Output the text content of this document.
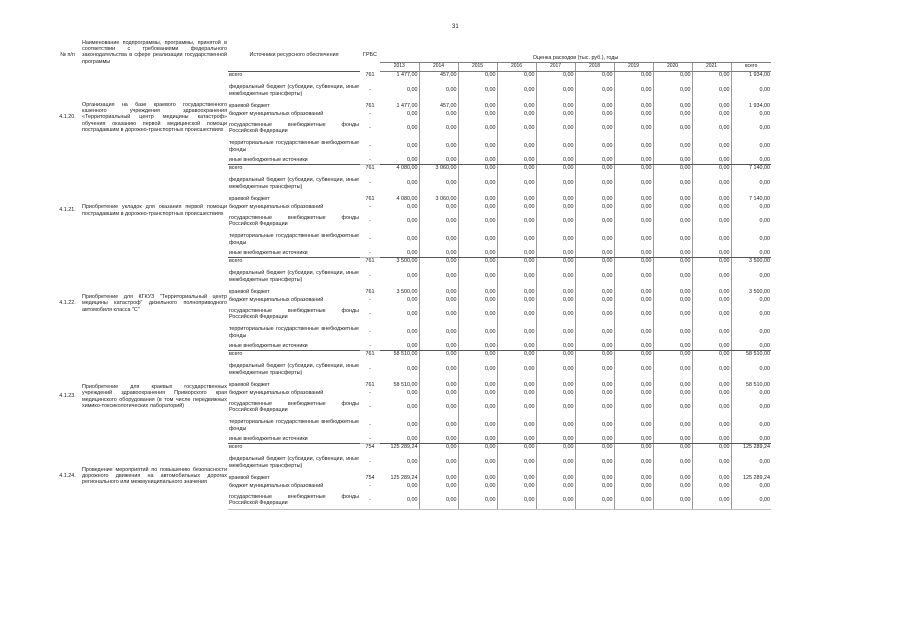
31
№ п/п	Наименование подпрограммы, программы, принятой в соответствии с требованиями федерального законодательства в сфере реализации государственной программы	Источники ресурсного обеспечения	ГРБС	Оценка расходов (тыс. руб.), годы									
				2013	2014	2015	2016	2017	2018	2019	2020	2021	всего
4.1.20.	Организация на базе краевого государственного казенного учреждения здравоохранения «Территориальный центр медицины катастроф» обучения оказанию первой медицинской помощи пострадавшим в дорожно-транспортных происшествиях	всего	761	1 477,00	457,00	0,00	0,00	0,00	0,00	0,00	0,00	0,00	1 934,00
		федеральный бюджет (субсидии, субвенции, иные межбюджетные трансферты)	-	0,00	0,00	0,00	0,00	0,00	0,00	0,00	0,00	0,00	0,00
		краевой бюджет	761	1 477,00	457,00	0,00	0,00	0,00	0,00	0,00	0,00	0,00	1 934,00
		бюджет муниципальных образований	-	0,00	0,00	0,00	0,00	0,00	0,00	0,00	0,00	0,00	0,00
		государственные внебюджетные фонды Российской Федерации	-	0,00	0,00	0,00	0,00	0,00	0,00	0,00	0,00	0,00	0,00
		территориальные государственные внебюджетные фонды	-	0,00	0,00	0,00	0,00	0,00	0,00	0,00	0,00	0,00	0,00
		иные внебюджетные источники	-	0,00	0,00	0,00	0,00	0,00	0,00	0,00	0,00	0,00	0,00
4.1.21.	Приобретение укладок для оказания первой помощи пострадавшим в дорожно-транспортных происшествиях	всего	761	4 080,00	3 060,00	0,00	0,00	0,00	0,00	0,00	0,00	0,00	7 140,00
		федеральный бюджет (субсидии, субвенции, иные межбюджетные трансферты)	-	0,00	0,00	0,00	0,00	0,00	0,00	0,00	0,00	0,00	0,00
		краевой бюджет	761	4 080,00	3 060,00	0,00	0,00	0,00	0,00	0,00	0,00	0,00	7 140,00
		бюджет муниципальных образований	-	0,00	0,00	0,00	0,00	0,00	0,00	0,00	0,00	0,00	0,00
		государственные внебюджетные фонды Российской Федерации	-	0,00	0,00	0,00	0,00	0,00	0,00	0,00	0,00	0,00	0,00
		территориальные государственные внебюджетные фонды	-	0,00	0,00	0,00	0,00	0,00	0,00	0,00	0,00	0,00	0,00
		иные внебюджетные источники	-	0,00	0,00	0,00	0,00	0,00	0,00	0,00	0,00	0,00	0,00
4.1.22.	Приобретение для КГКУЗ "Территориальный центр медицины катастроф" дизельного полноприводного автомобиля класса "С"	всего	761	3 500,00	0,00	0,00	0,00	0,00	0,00	0,00	0,00	0,00	3 500,00
		федеральный бюджет (субсидии, субвенции, иные межбюджетные трансферты)	-	0,00	0,00	0,00	0,00	0,00	0,00	0,00	0,00	0,00	0,00
		краевой бюджет	761	3 500,00	0,00	0,00	0,00	0,00	0,00	0,00	0,00	0,00	3 500,00
		бюджет муниципальных образований	-	0,00	0,00	0,00	0,00	0,00	0,00	0,00	0,00	0,00	0,00
		государственные внебюджетные фонды Российской Федерации	-	0,00	0,00	0,00	0,00	0,00	0,00	0,00	0,00	0,00	0,00
		территориальные государственные внебюджетные фонды	-	0,00	0,00	0,00	0,00	0,00	0,00	0,00	0,00	0,00	0,00
		иные внебюджетные источники	-	0,00	0,00	0,00	0,00	0,00	0,00	0,00	0,00	0,00	0,00
4.1.23.	Приобретение для краевых государственных учреждений здравоохранения Приморского края медицинского оборудования (в том числе передвижных химико-токсикологических лабораторий)	всего	761	58 510,00	0,00	0,00	0,00	0,00	0,00	0,00	0,00	0,00	58 510,00
		федеральный бюджет (субсидии, субвенции, иные межбюджетные трансферты)	-	0,00	0,00	0,00	0,00	0,00	0,00	0,00	0,00	0,00	0,00
		краевой бюджет	761	58 510,00	0,00	0,00	0,00	0,00	0,00	0,00	0,00	0,00	58 510,00
		бюджет муниципальных образований	-	0,00	0,00	0,00	0,00	0,00	0,00	0,00	0,00	0,00	0,00
		государственные внебюджетные фонды Российской Федерации	-	0,00	0,00	0,00	0,00	0,00	0,00	0,00	0,00	0,00	0,00
		территориальные государственные внебюджетные фонды	-	0,00	0,00	0,00	0,00	0,00	0,00	0,00	0,00	0,00	0,00
		иные внебюджетные источники	-	0,00	0,00	0,00	0,00	0,00	0,00	0,00	0,00	0,00	0,00
4.1.24.	Проведение мероприятий по повышению безопасности дорожного движения на автомобильных дорогах регионального или межмуниципального значения	всего	754	125 289,24	0,00	0,00	0,00	0,00	0,00	0,00	0,00	0,00	125 289,24
		федеральный бюджет (субсидии, субвенции, иные межбюджетные трансферты)	-	0,00	0,00	0,00	0,00	0,00	0,00	0,00	0,00	0,00	0,00
		краевой бюджет	754	125 289,24	0,00	0,00	0,00	0,00	0,00	0,00	0,00	0,00	125 289,24
		бюджет муниципальных образований	-	0,00	0,00	0,00	0,00	0,00	0,00	0,00	0,00	0,00	0,00
		государственные внебюджетные фонды Российской Федерации	-	0,00	0,00	0,00	0,00	0,00	0,00	0,00	0,00	0,00	0,00
